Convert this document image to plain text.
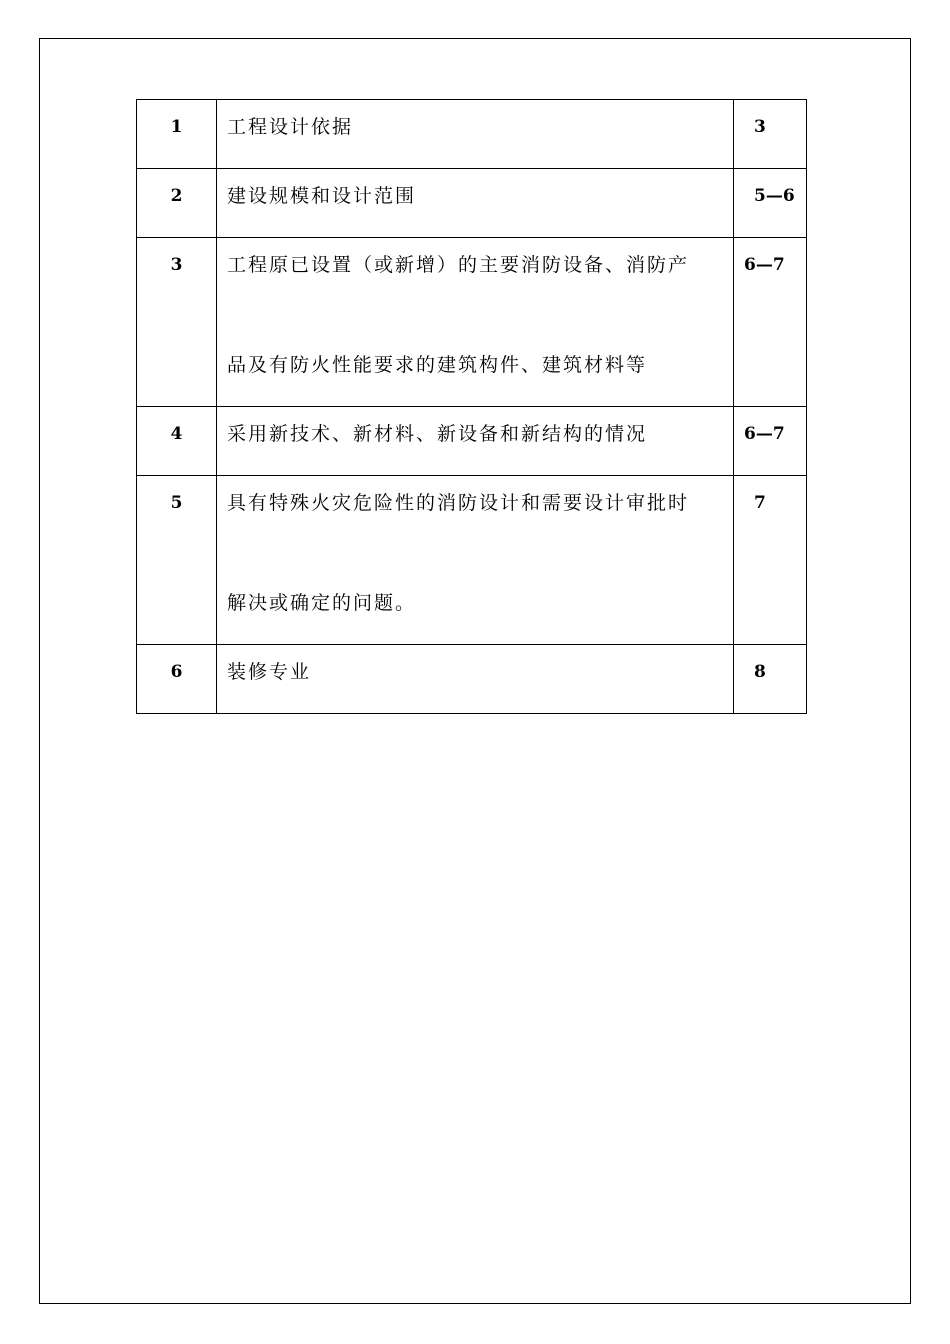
1	工程设计依据	3
2	建设规模和设计范围	5—6
3	工程原已设置（或新增）的主要消防设备、消防产
品及有防火性能要求的建筑构件、建筑材料等	6—7
4	采用新技术、新材料、新设备和新结构的情况	6—7
5	具有特殊火灾危险性的消防设计和需要设计审批时
解决或确定的问题。	7
6	装修专业	8
